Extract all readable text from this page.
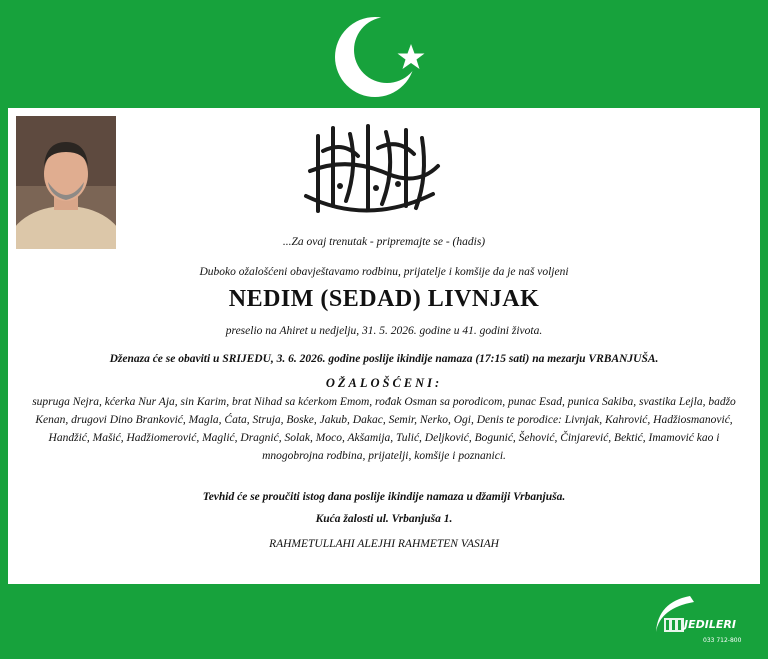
...Za ovaj trenutak - pripremajte se - (hadis)
Duboko ožalošćeni obavještavamo rodbinu, prijatelje i komšije da je naš voljeni
NEDIM (SEDAD) LIVNJAK
preselio na Ahiret u nedjelju, 31. 5. 2026. godine u 41. godini života.
Dženaza će se obaviti u SRIJEDU, 3. 6. 2026. godine poslije ikindije namaza (17:15 sati) na mezarju VRBANJUŠA.
OŽALOŠĆENI:
supruga Nejra, kćerka Nur Aja, sin Karim, brat Nihad sa kćerkom Emom, rođak Osman sa porodicom, punac Esad, punica Sakiba, svastika Lejla, badžo Kenan, drugovi Dino Branković, Magla, Ćata, Struja, Boske, Jakub, Dakac, Semir, Nerko, Ogi, Denis te porodice: Livnjak, Kahrović, Hadžiosmanović, Handžić, Mašić, Hadžiomerović, Maglić, Dragnić, Solak, Moco, Akšamija, Tulić, Deljković, Bogunić, Šehović, Činjarević, Bektić, Imamović kao i mnogobrojna rodbina, prijatelji, komšije i poznanici.
Tevhid će se proučiti istog dana poslije ikindije namaza u džamiji Vrbanjuša.
Kuća žalosti ul. Vrbanjuša 1.
RAHMETULLAHI ALEJHI RAHMETEN VASIAH
JEDILERI
033 712-800
